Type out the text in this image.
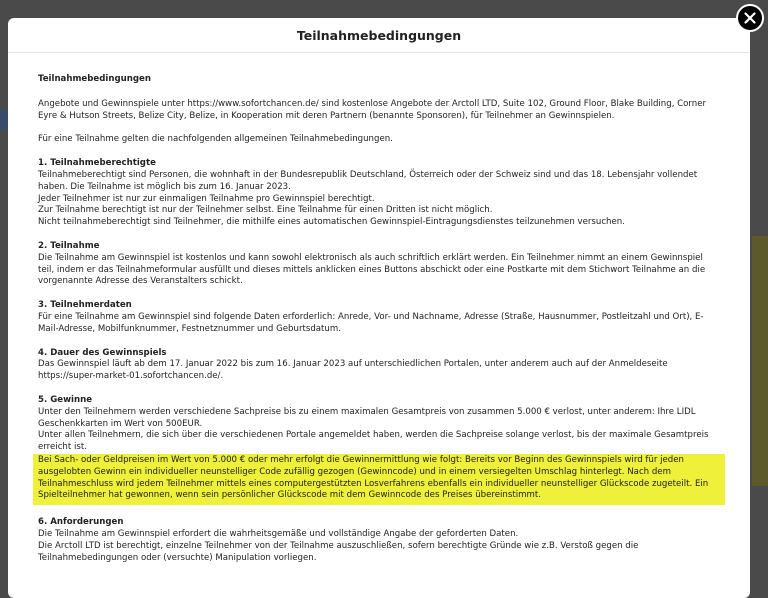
Teilnahmebedingungen
Teilnahmebedingungen

Angebote und Gewinnspiele unter https://www.sofortchancen.de/ sind kostenlose Angebote der Arctoll LTD, Suite 102, Ground Floor, Blake Building, Corner Eyre & Hutson Streets, Belize City, Belize, in Kooperation mit deren Partnern (benannte Sponsoren), für Teilnehmer an Gewinnspielen.

Für eine Teilnahme gelten die nachfolgenden allgemeinen Teilnahmebedingungen.

1. Teilnahmeberechtigte
Teilnahmeberechtigt sind Personen, die wohnhaft in der Bundesrepublik Deutschland, Österreich oder der Schweiz sind und das 18. Lebensjahr vollendet haben. Die Teilnahme ist möglich bis zum 16. Januar 2023.
Jeder Teilnehmer ist nur zur einmaligen Teilnahme pro Gewinnspiel berechtigt.
Zur Teilnahme berechtigt ist nur der Teilnehmer selbst. Eine Teilnahme für einen Dritten ist nicht möglich.
Nicht teilnahmeberechtigt sind Teilnehmer, die mithilfe eines automatischen Gewinnspiel-Eintragungsdienstes teilzunehmen versuchen.
2. Teilnahme
Die Teilnahme am Gewinnspiel ist kostenlos und kann sowohl elektronisch als auch schriftlich erklärt werden. Ein Teilnehmer nimmt an einem Gewinnspiel teil, indem er das Teilnahmeformular ausfüllt und dieses mittels anklicken eines Buttons abschickt oder eine Postkarte mit dem Stichwort Teilnahme an die vorgenannte Adresse des Veranstalters schickt.
3. Teilnehmerdaten
Für eine Teilnahme am Gewinnspiel sind folgende Daten erforderlich: Anrede, Vor- und Nachname, Adresse (Straße, Hausnummer, Postleitzahl und Ort), E-Mail-Adresse, Mobilfunknummer, Festnetznummer und Geburtsdatum.
4. Dauer des Gewinnspiels
Das Gewinnspiel läuft ab dem 17. Januar 2022 bis zum 16. Januar 2023 auf unterschiedlichen Portalen, unter anderem auch auf der Anmeldeseite https://super-market-01.sofortchancen.de/.
5. Gewinne
Unter den Teilnehmern werden verschiedene Sachpreise bis zu einem maximalen Gesamtpreis von zusammen 5.000 € verlost, unter anderem: Ihre LIDL Geschenkkarten im Wert von 500EUR.
Unter allen Teilnehmern, die sich über die verschiedenen Portale angemeldet haben, werden die Sachpreise solange verlost, bis der maximale Gesamtpreis erreicht ist.
Bei Sach- oder Geldpreisen im Wert von 5.000 € oder mehr erfolgt die Gewinnermittlung wie folgt: Bereits vor Beginn des Gewinnspiels wird für jeden ausgelobten Gewinn ein individueller neunstelliger Code zufällig gezogen (Gewinncode) und in einem versiegelten Umschlag hinterlegt. Nach dem Teilnahmeschluss wird jedem Teilnehmer mittels eines computergestützten Losverfahrens ebenfalls ein individueller neunstelliger Glückscode zugeteilt. Ein Spielteilnehmer hat gewonnen, wenn sein persönlicher Glückscode mit dem Gewinncode des Preises übereinstimmt.
6. Anforderungen
Die Teilnahme am Gewinnspiel erfordert die wahrheitsgemäße und vollständige Angabe der geforderten Daten.
Die Arctoll LTD ist berechtigt, einzelne Teilnehmer von der Teilnahme auszuschließen, sofern berechtigte Gründe wie z.B. Verstoß gegen die Teilnahmebedingungen oder (versuchte) Manipulation vorliegen.
